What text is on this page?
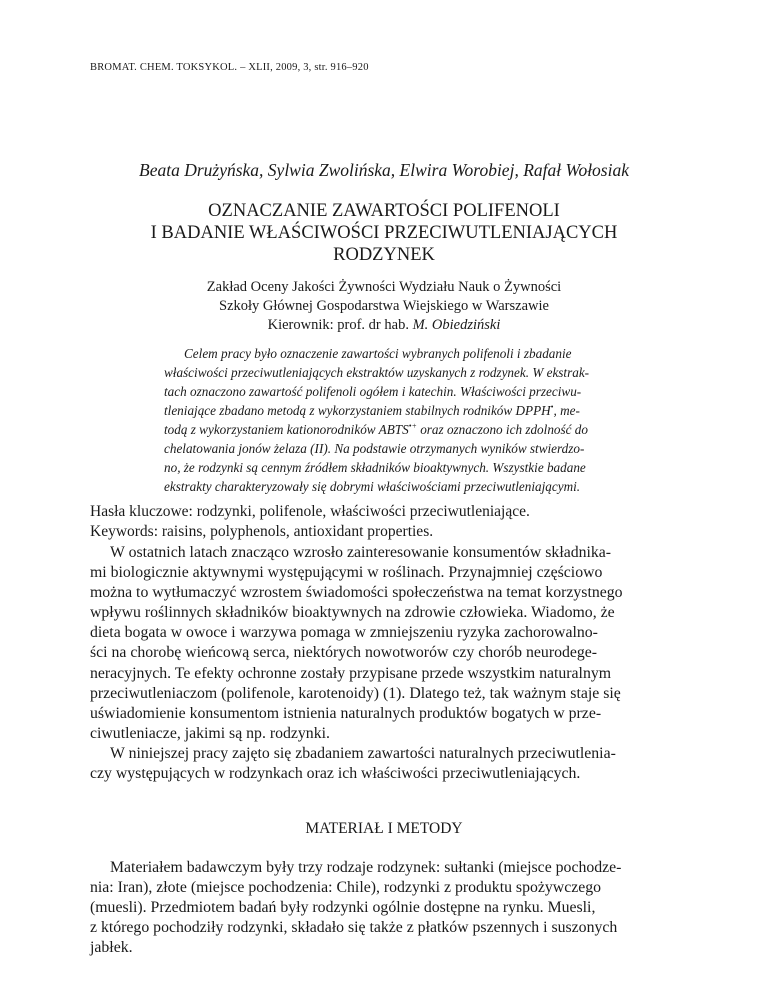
BROMAT. CHEM. TOKSYKOL. – XLII, 2009, 3, str. 916–920
Beata Drużyńska, Sylwia Zwolińska, Elwira Worobiej, Rafał Wołosiak
OZNACZANIE ZAWARTOŚCI POLIFENOLI
I BADANIE WŁAŚCIWOŚCI PRZECIWUTLENIAJĄCYCH
RODZYNEK
Zakład Oceny Jakości Żywności Wydziału Nauk o Żywności
Szkoły Głównej Gospodarstwa Wiejskiego w Warszawie
Kierownik: prof. dr hab. M. Obiedziński
Celem pracy było oznaczenie zawartości wybranych polifenoli i zbadanie
właściwości przeciwutleniających ekstraktów uzyskanych z rodzynek. W ekstrak-
tach oznaczono zawartość polifenoli ogółem i katechin. Właściwości przeciwu-
tleniające zbadano metodą z wykorzystaniem stabilnych rodników DPPH•, me-
todą z wykorzystaniem kationorodników ABTS•+ oraz oznaczono ich zdolność do
chelatowania jonów żelaza (II). Na podstawie otrzymanych wyników stwierdzo-
no, że rodzynki są cennym źródłem składników bioaktywnych. Wszystkie badane
ekstrakty charakteryzowały się dobrymi właściwościami przeciwutleniającymi.
Hasła kluczowe: rodzynki, polifenole, właściwości przeciwutleniające.
Keywords: raisins, polyphenols, antioxidant properties.
W ostatnich latach znacząco wzrosło zainteresowanie konsumentów składnika-
mi biologicznie aktywnymi występującymi w roślinach. Przynajmniej częściowo
można to wytłumaczyć wzrostem świadomości społeczeństwa na temat korzystnego
wpływu roślinnych składników bioaktywnych na zdrowie człowieka. Wiadomo, że
dieta bogata w owoce i warzywa pomaga w zmniejszeniu ryzyka zachorowalno-
ści na chorobę wieńcową serca, niektórych nowotworów czy chorób neurodege-
neracyjnych. Te efekty ochronne zostały przypisane przede wszystkim naturalnym
przeciwutleniaczom (polifenole, karotenoidy) (1). Dlatego też, tak ważnym staje się
uświadomienie konsumentom istnienia naturalnych produktów bogatych w prze-
ciwutleniacze, jakimi są np. rodzynki.
W niniejszej pracy zajęto się zbadaniem zawartości naturalnych przeciwutlenia-
czy występujących w rodzynkach oraz ich właściwości przeciwutleniających.
MATERIAŁ I METODY
Materiałem badawczym były trzy rodzaje rodzynek: sułtanki (miejsce pochodze-
nia: Iran), złote (miejsce pochodzenia: Chile), rodzynki z produktu spożywczego
(muesli). Przedmiotem badań były rodzynki ogólnie dostępne na rynku. Muesli,
z którego pochodziły rodzynki, składało się także z płatków pszennych i suszonych
jabłek.
